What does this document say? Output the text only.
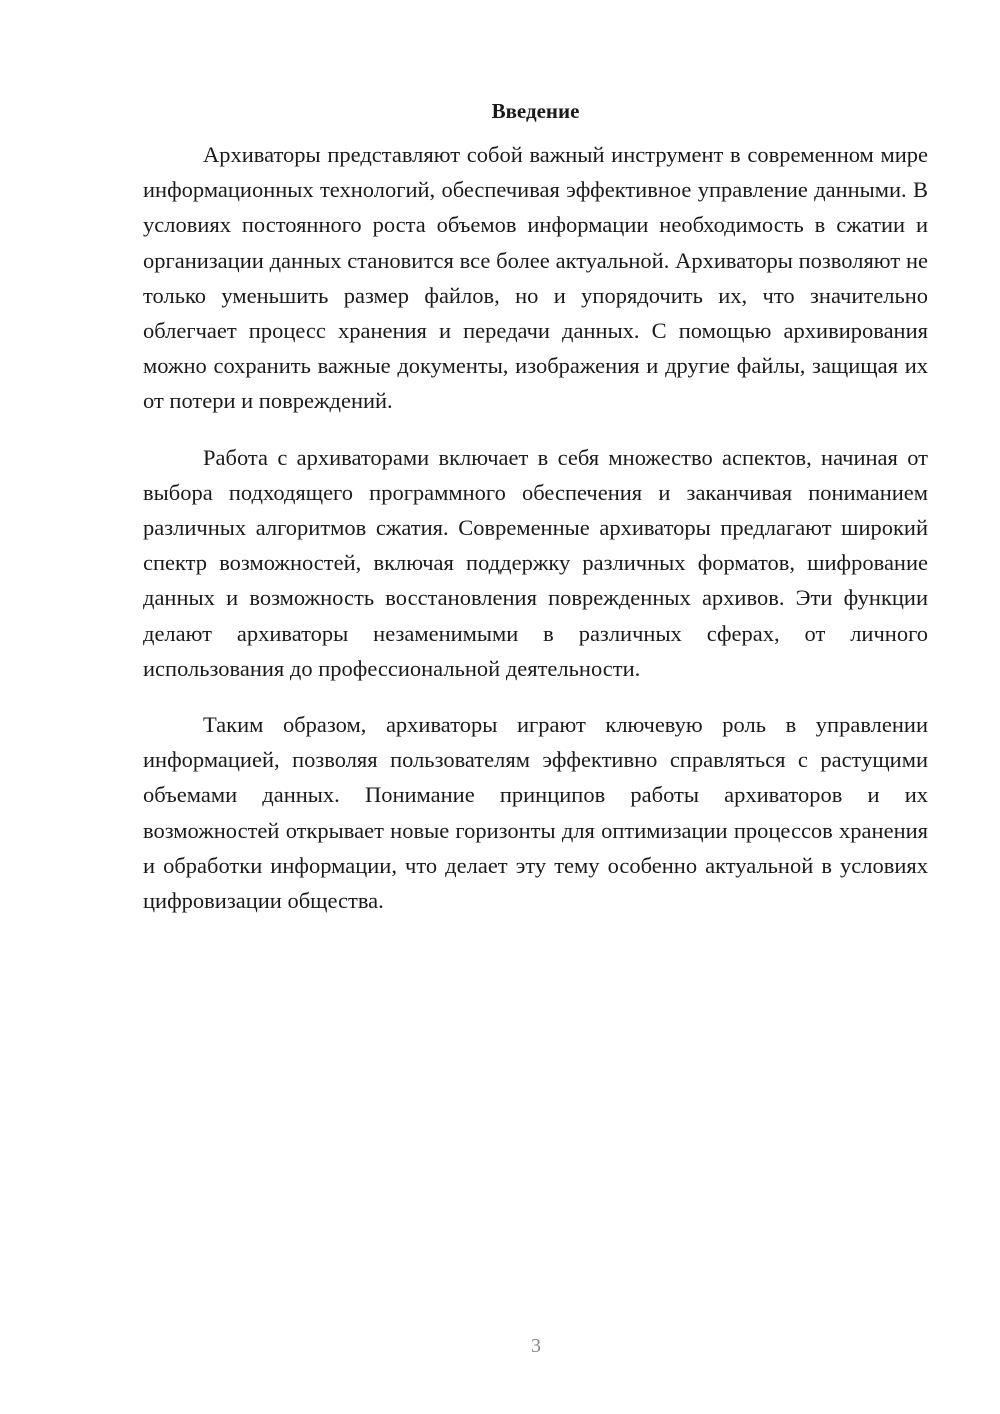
Введение

Архиваторы представляют собой важный инструмент в современном мире информационных технологий, обеспечивая эффективное управление данными. В условиях постоянного роста объемов информации необходимость в сжатии и организации данных становится все более актуальной. Архиваторы позволяют не только уменьшить размер файлов, но и упорядочить их, что значительно облегчает процесс хранения и передачи данных. С помощью архивирования можно сохранить важные документы, изображения и другие файлы, защищая их от потери и повреждений.

Работа с архиваторами включает в себя множество аспектов, начиная от выбора подходящего программного обеспечения и заканчивая пониманием различных алгоритмов сжатия. Современные архиваторы предлагают широкий спектр возможностей, включая поддержку различных форматов, шифрование данных и возможность восстановления поврежденных архивов. Эти функции делают архиваторы незаменимыми в различных сферах, от личного использования до профессиональной деятельности.

Таким образом, архиваторы играют ключевую роль в управлении информацией, позволяя пользователям эффективно справляться с растущими объемами данных. Понимание принципов работы архиваторов и их возможностей открывает новые горизонты для оптимизации процессов хранения и обработки информации, что делает эту тему особенно актуальной в условиях цифровизации общества.

3
